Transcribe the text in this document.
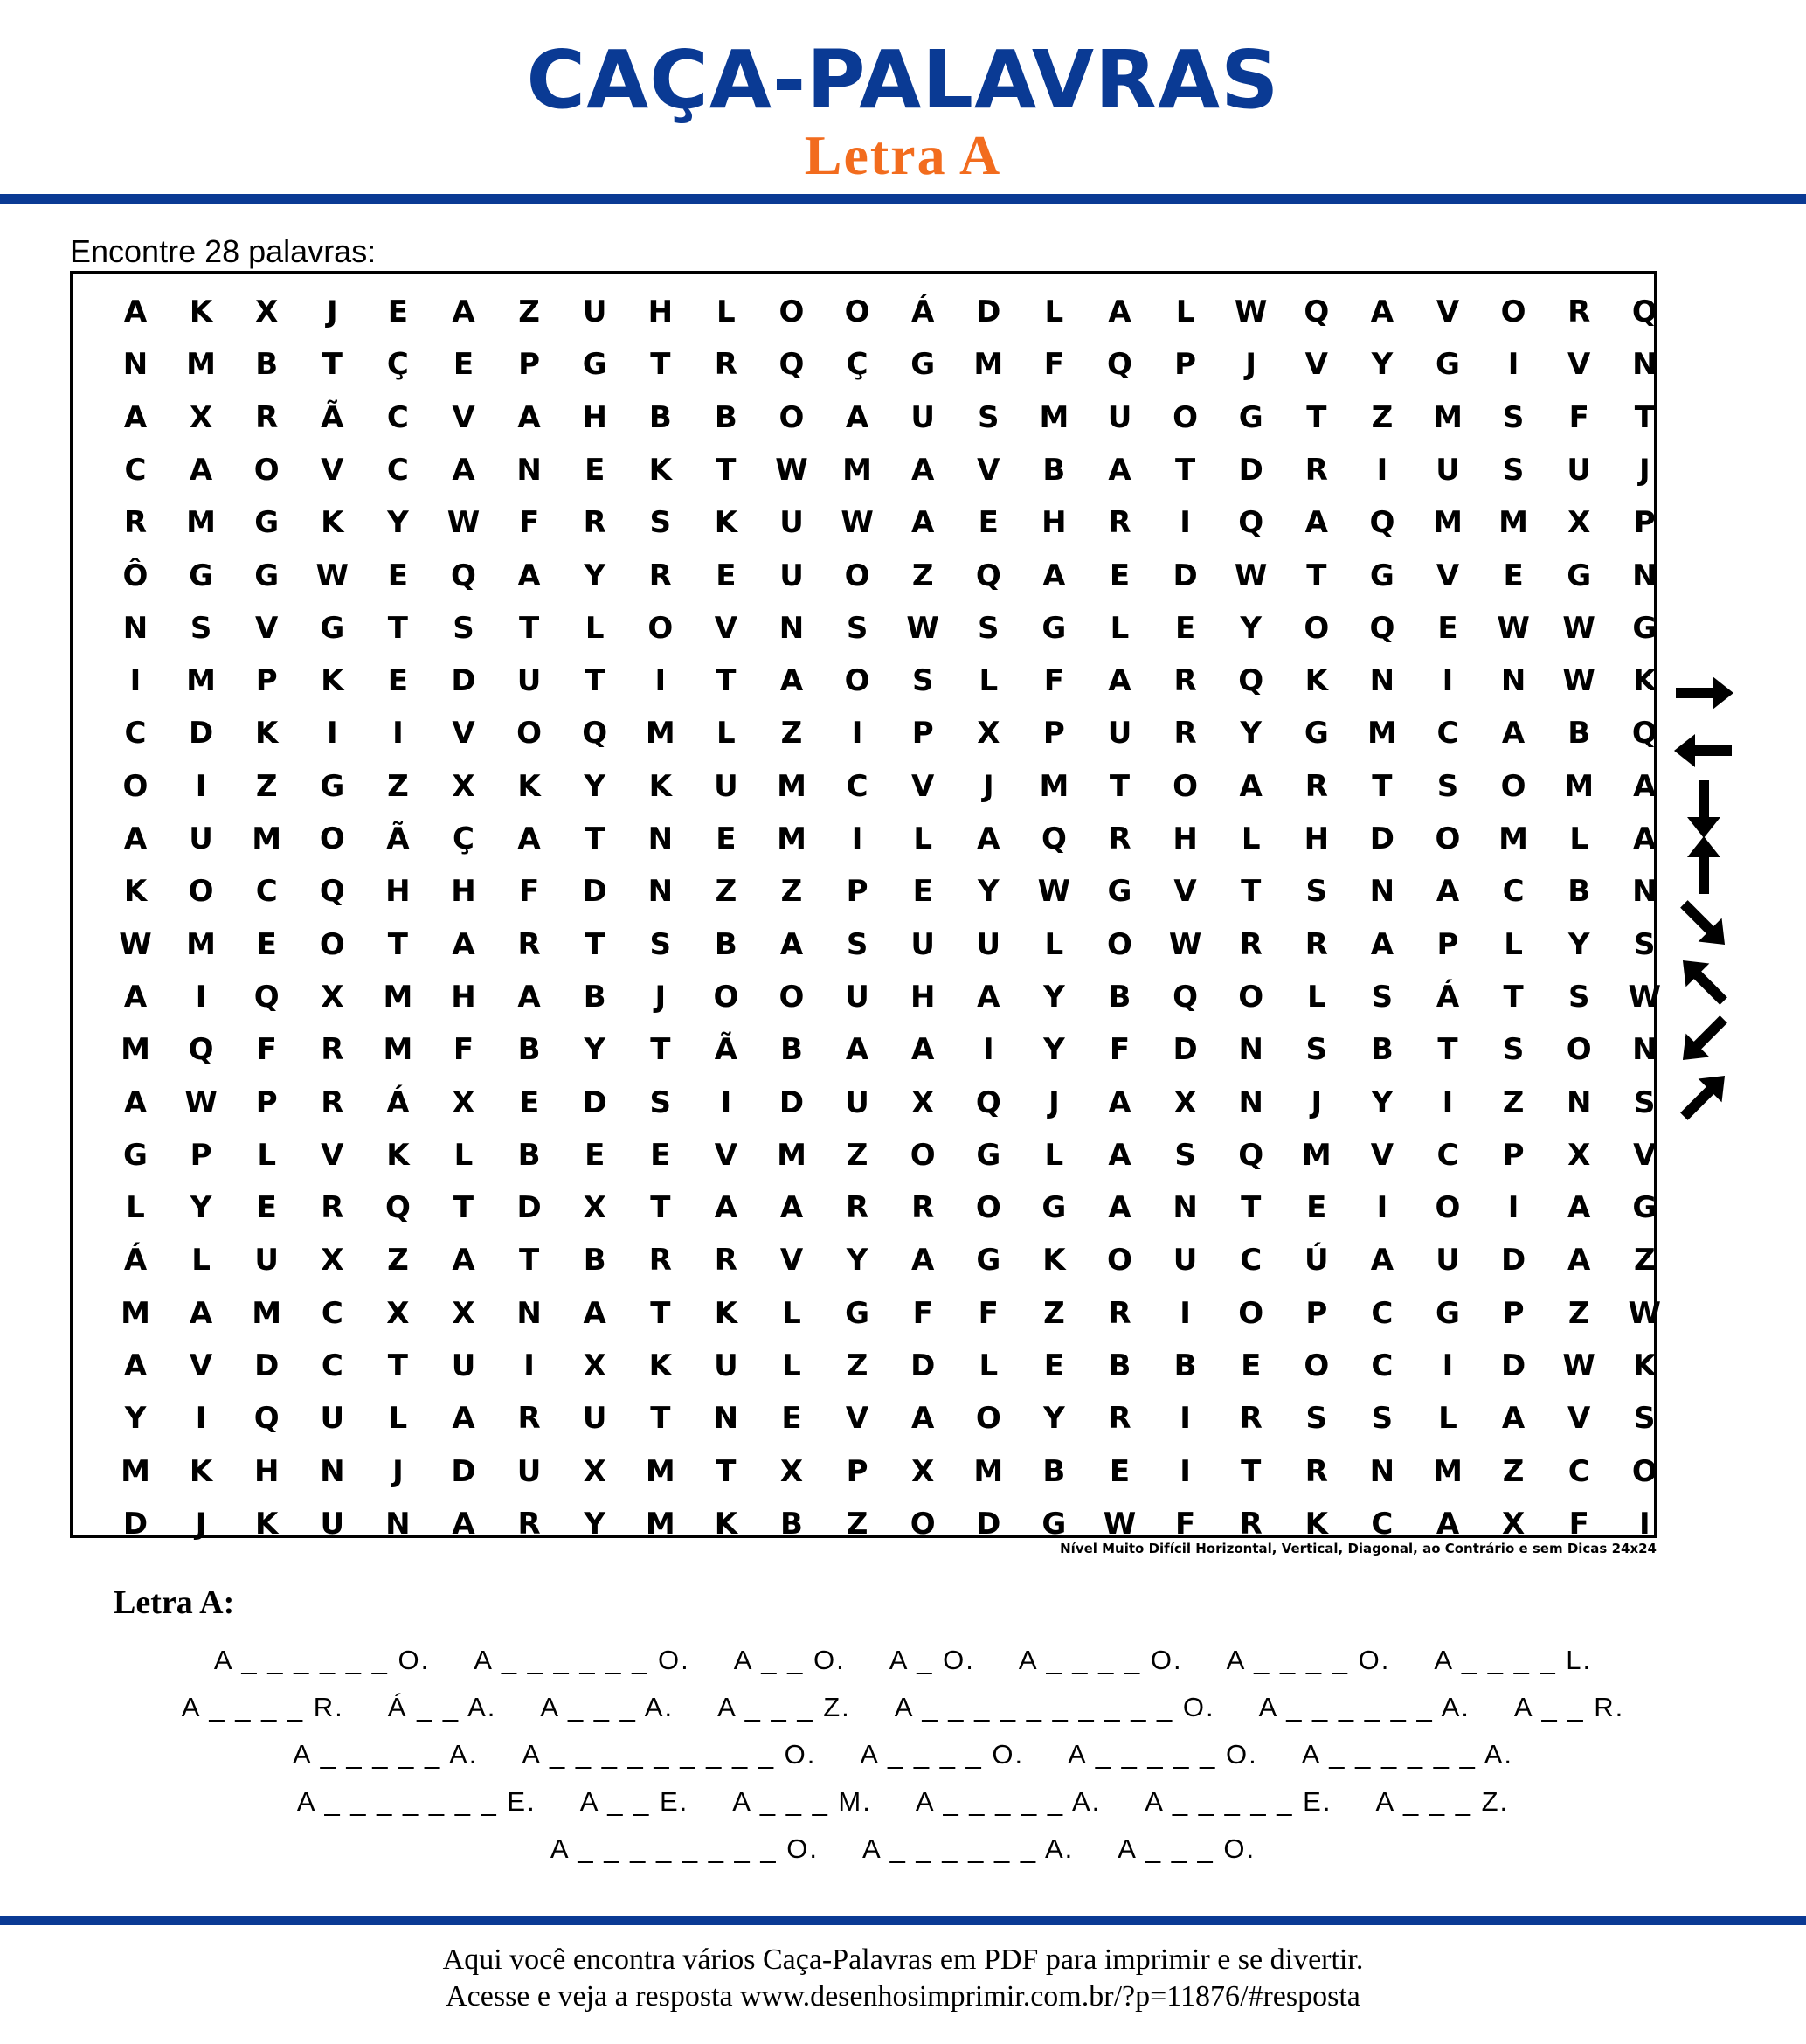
CAÇA-PALAVRAS
Letra A
Encontre 28 palavras:
A	K	X	J	E	A	Z	U	H	L	O	O	Á	D	L	A	L	W	Q	A	V	O	R	Q
N	M	B	T	Ç	E	P	G	T	R	Q	Ç	G	M	F	Q	P	J	V	Y	G	I	V	N
A	X	R	Ã	C	V	A	H	B	B	O	A	U	S	M	U	O	G	T	Z	M	S	F	T
C	A	O	V	C	A	N	E	K	T	W	M	A	V	B	A	T	D	R	I	U	S	U	J
R	M	G	K	Y	W	F	R	S	K	U	W	A	E	H	R	I	Q	A	Q	M	M	X	P
Ô	G	G	W	E	Q	A	Y	R	E	U	O	Z	Q	A	E	D	W	T	G	V	E	G	N
N	S	V	G	T	S	T	L	O	V	N	S	W	S	G	L	E	Y	O	Q	E	W	W	G
I	M	P	K	E	D	U	T	I	T	A	O	S	L	F	A	R	Q	K	N	I	N	W	K
C	D	K	I	I	V	O	Q	M	L	Z	I	P	X	P	U	R	Y	G	M	C	A	B	Q
O	I	Z	G	Z	X	K	Y	K	U	M	C	V	J	M	T	O	A	R	T	S	O	M	A
A	U	M	O	Ã	Ç	A	T	N	E	M	I	L	A	Q	R	H	L	H	D	O	M	L	A
K	O	C	Q	H	H	F	D	N	Z	Z	P	E	Y	W	G	V	T	S	N	A	C	B	N
W	M	E	O	T	A	R	T	S	B	A	S	U	U	L	O	W	R	R	A	P	L	Y	S
A	I	Q	X	M	H	A	B	J	O	O	U	H	A	Y	B	Q	O	L	S	Á	T	S	W
M	Q	F	R	M	F	B	Y	T	Ã	B	A	A	I	Y	F	D	N	S	B	T	S	O	N
A	W	P	R	Á	X	E	D	S	I	D	U	X	Q	J	A	X	N	J	Y	I	Z	N	S
G	P	L	V	K	L	B	E	E	V	M	Z	O	G	L	A	S	Q	M	V	C	P	X	V
L	Y	E	R	Q	T	D	X	T	A	A	R	R	O	G	A	N	T	E	I	O	I	A	G
Á	L	U	X	Z	A	T	B	R	R	V	Y	A	G	K	O	U	C	Ú	A	U	D	A	Z
M	A	M	C	X	X	N	A	T	K	L	G	F	F	Z	R	I	O	P	C	G	P	Z	W
A	V	D	C	T	U	I	X	K	U	L	Z	D	L	E	B	B	E	O	C	I	D	W	K
Y	I	Q	U	L	A	R	U	T	N	E	V	A	O	Y	R	I	R	S	S	L	A	V	S
M	K	H	N	J	D	U	X	M	T	X	P	X	M	B	E	I	T	R	N	M	Z	C	O
D	J	K	U	N	A	R	Y	M	K	B	Z	O	D	G	W	F	R	K	C	A	X	F	I
Nível Muito Difícil Horizontal, Vertical, Diagonal, ao Contrário e sem Dicas 24x24
Letra A:
A _ _ _ _ _ _ O. A _ _ _ _ _ _ O. A _ _ O. A _ O. A _ _ _ _ O. A _ _ _ _ O. A _ _ _ _ L.
A _ _ _ _ R. Á _ _ A. A _ _ _ A. A _ _ _ Z. A _ _ _ _ _ _ _ _ _ _ O. A _ _ _ _ _ _ A. A _ _ R.
A _ _ _ _ _ A. A _ _ _ _ _ _ _ _ _ O. A _ _ _ _ O. A _ _ _ _ _ O. A _ _ _ _ _ _ A.
A _ _ _ _ _ _ _ E. A _ _ E. A _ _ _ M. A _ _ _ _ _ A. A _ _ _ _ _ E. A _ _ _ Z.
A _ _ _ _ _ _ _ _ O. A _ _ _ _ _ _ A. A _ _ _ O.
Aqui você encontra vários Caça-Palavras em PDF para imprimir e se divertir.
Acesse e veja a resposta www.desenhosimprimir.com.br/?p=11876/#resposta
